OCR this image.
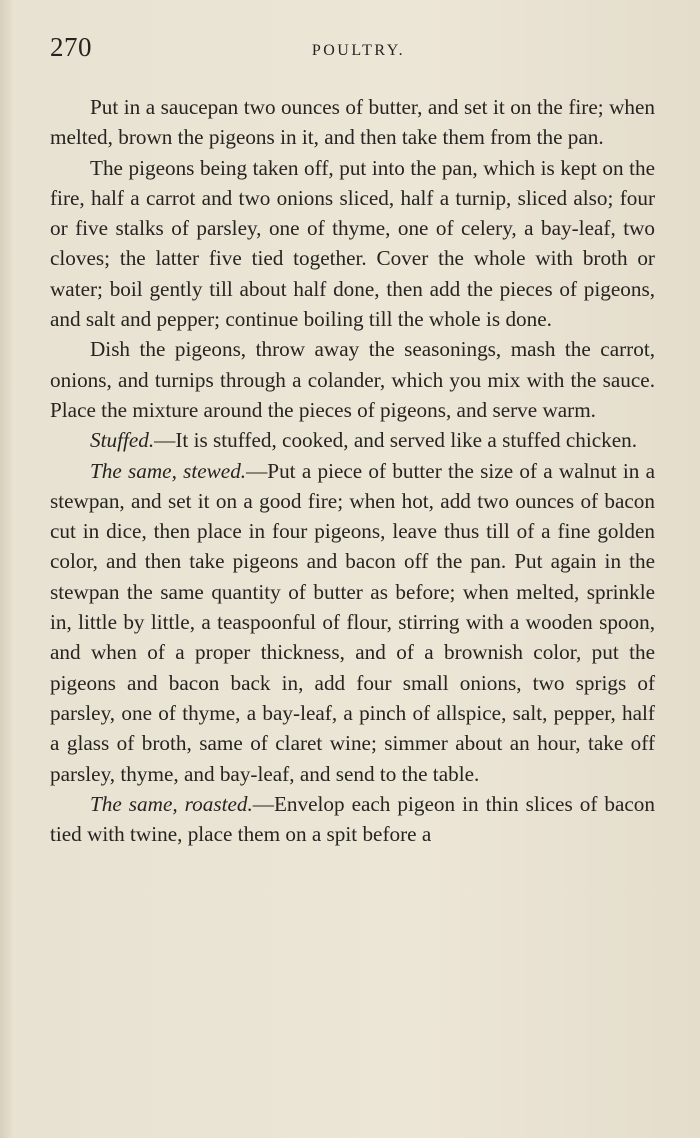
270	POULTRY.

Put in a saucepan two ounces of butter, and set it on the fire; when melted, brown the pigeons in it, and then take them from the pan.

The pigeons being taken off, put into the pan, which is kept on the fire, half a carrot and two onions sliced, half a turnip, sliced also; four or five stalks of parsley, one of thyme, one of celery, a bay-leaf, two cloves; the latter five tied together. Cover the whole with broth or water; boil gently till about half done, then add the pieces of pigeons, and salt and pepper; continue boiling till the whole is done.

Dish the pigeons, throw away the seasonings, mash the carrot, onions, and turnips through a colander, which you mix with the sauce. Place the mixture around the pieces of pigeons, and serve warm.

Stuffed.—It is stuffed, cooked, and served like a stuffed chicken.

The same, stewed.—Put a piece of butter the size of a walnut in a stewpan, and set it on a good fire; when hot, add two ounces of bacon cut in dice, then place in four pigeons, leave thus till of a fine golden color, and then take pigeons and bacon off the pan. Put again in the stewpan the same quantity of butter as before; when melted, sprinkle in, little by little, a teaspoonful of flour, stirring with a wooden spoon, and when of a proper thickness, and of a brownish color, put the pigeons and bacon back in, add four small onions, two sprigs of parsley, one of thyme, a bay-leaf, a pinch of allspice, salt, pepper, half a glass of broth, same of claret wine; simmer about an hour, take off parsley, thyme, and bay-leaf, and send to the table.

The same, roasted.—Envelop each pigeon in thin slices of bacon tied with twine, place them on a spit before a
